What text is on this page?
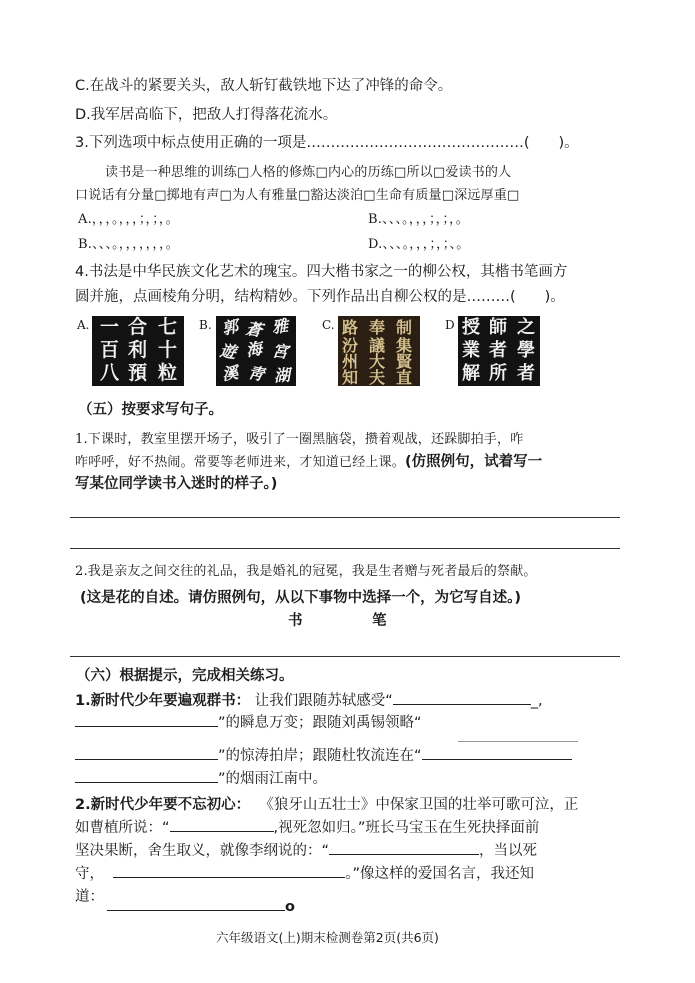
C.在战斗的紧要关头，敌人斩钉截铁地下达了冲锋的命令。
D.我军居高临下，把敌人打得落花流水。
3.下列选项中标点使用正确的一项是………………………………………(　　)。
读书是一种思维的训练□人格的修炼□内心的历练□所以□爱读书的人
口说话有分量□掷地有声□为人有雅量□豁达淡泊□生命有质量□深远厚重□
A.，，，。，，，；，；，。	B.、、、。，，，；，；，。
B.、、、。，，，，，，，。	D.、、、。，，，；，；、。
4.书法是中华民族文化艺术的瑰宝。四大楷书家之一的柳公权，其楷书笔画方
圆并施，点画棱角分明，结构精妙。下列作品出自柳公权的是………(　　)。
A. 一 合 七
百 利 十
八 預 粒
B. 郭 蒼 雅
遊 海 宮
溪 靑 湖
C. 路 奉 制
汾 議 集
州 大 賢
知 夫 直
D 授 師 之
業 者 學
解 所 者
（五）按要求写句子。
1.下课时，教室里摆开场子，吸引了一圈黑脑袋，攒着观战，还跺脚拍手，咋
咋呼呼，好不热闹。常要等老师进来，才知道已经上课。(仿照例句，试着写一
写某位同学读书入迷时的样子。)
2.我是亲友之间交往的礼品，我是婚礼的冠冕，我是生者赠与死者最后的祭献。
(这是花的自述。请仿照例句，从以下事物中选择一个，为它写自述。)
书	笔
（六）根据提示，完成相关练习。
1.新时代少年要遍观群书： 让我们跟随苏轼感受“	_,
”的瞬息万变；跟随刘禹锡领略“
”的惊涛拍岸；跟随杜牧流连在“
”的烟雨江南中。
2.新时代少年要不忘初心： 《狼牙山五壮士》中保家卫国的壮举可歌可泣，正
如曹植所说：“	,视死忽如归。”班长马宝玉在生死抉择面前
坚决果断，舍生取义，就像李纲说的：“	，当以死
守，	。”像这样的爱国名言，我还知
道：
o
六年级语文(上)期末检测卷第2页(共6页)
